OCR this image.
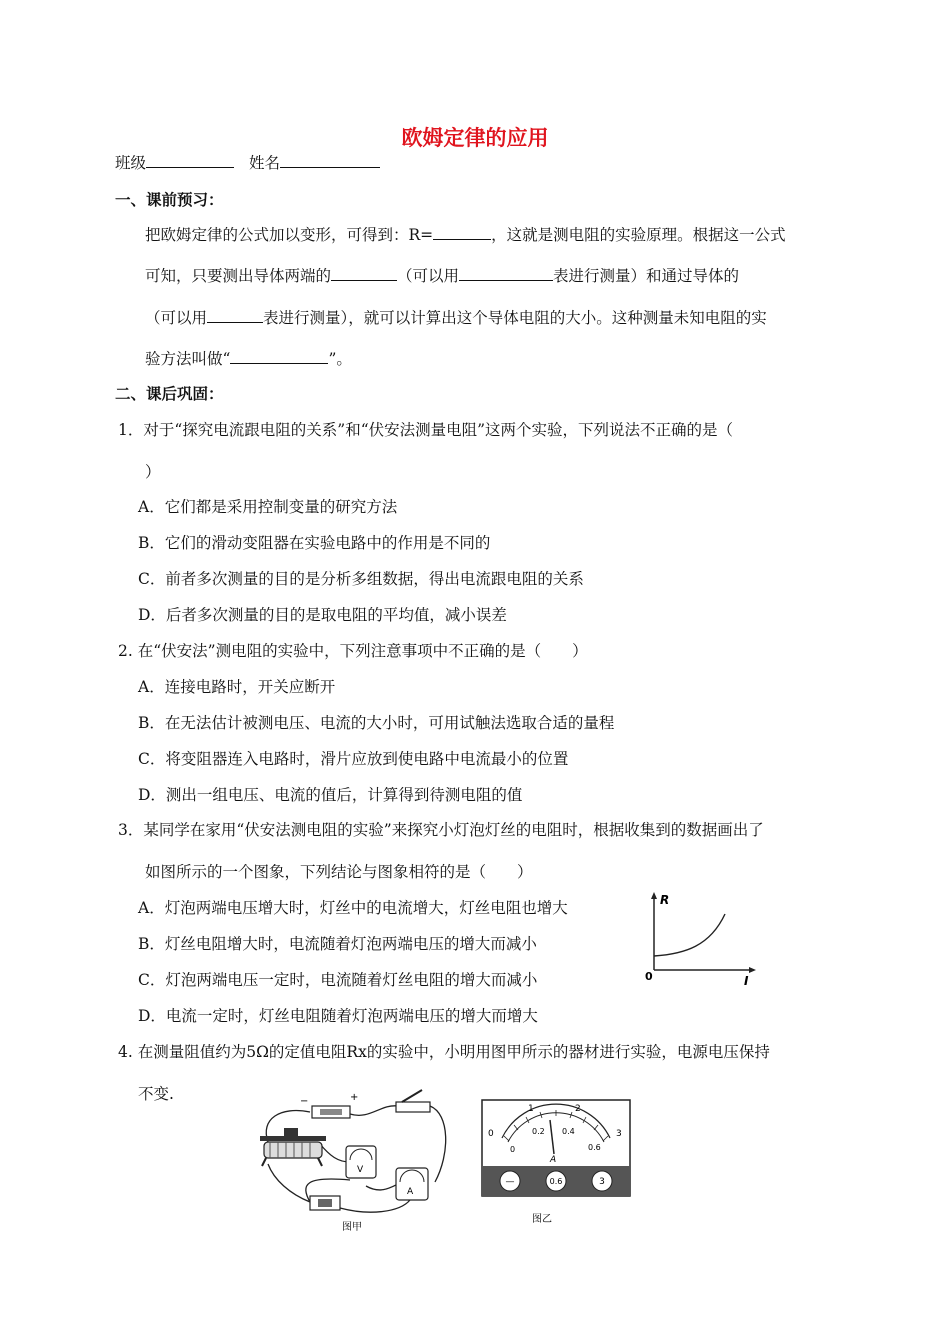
欧姆定律的应用
班级	姓名
一、课前预习：
把欧姆定律的公式加以变形，可得到：R=	，这就是测电阻的实验原理。根据这一公式
可知，只要测出导体两端的	（可以用	表进行测量）和通过导体的
（可以用	表进行测量），就可以计算出这个导体电阻的大小。这种测量未知电阻的实
验方法叫做“	”。
二、课后巩固：
1．对于“探究电流跟电阻的关系”和“伏安法测量电阻”这两个实验，下列说法不正确的是（
）
A．它们都是采用控制变量的研究方法
B．它们的滑动变阻器在实验电路中的作用是不同的
C．前者多次测量的目的是分析多组数据，得出电流跟电阻的关系
D．后者多次测量的目的是取电阻的平均值，减小误差
2. 在“伏安法”测电阻的实验中，下列注意事项中不正确的是（　　）
A．连接电路时，开关应断开
B．在无法估计被测电压、电流的大小时，可用试触法选取合适的量程
C．将变阻器连入电路时，滑片应放到使电路中电流最小的位置
D．测出一组电压、电流的值后，计算得到待测电阻的值
3．某同学在家用“伏安法测电阻的实验”来探究小灯泡灯丝的电阻时，根据收集到的数据画出了
如图所示的一个图象，下列结论与图象相符的是（　　）
A．灯泡两端电压增大时，灯丝中的电流增大，灯丝电阻也增大
B．灯丝电阻增大时，电流随着灯泡两端电压的增大而减小
C．灯泡两端电压一定时，电流随着灯丝电阻的增大而减小
D．电流一定时，灯丝电阻随着灯泡两端电压的增大而增大
R
I
0
4. 在测量阻值约为5Ω的定值电阻Rx的实验中，小明用图甲所示的器材进行实验，电源电压保持
不变.	−	+
V
A
图甲
1	2
0	3
0.2 0.4
0	0.6
A
—	0.6	3
图乙
